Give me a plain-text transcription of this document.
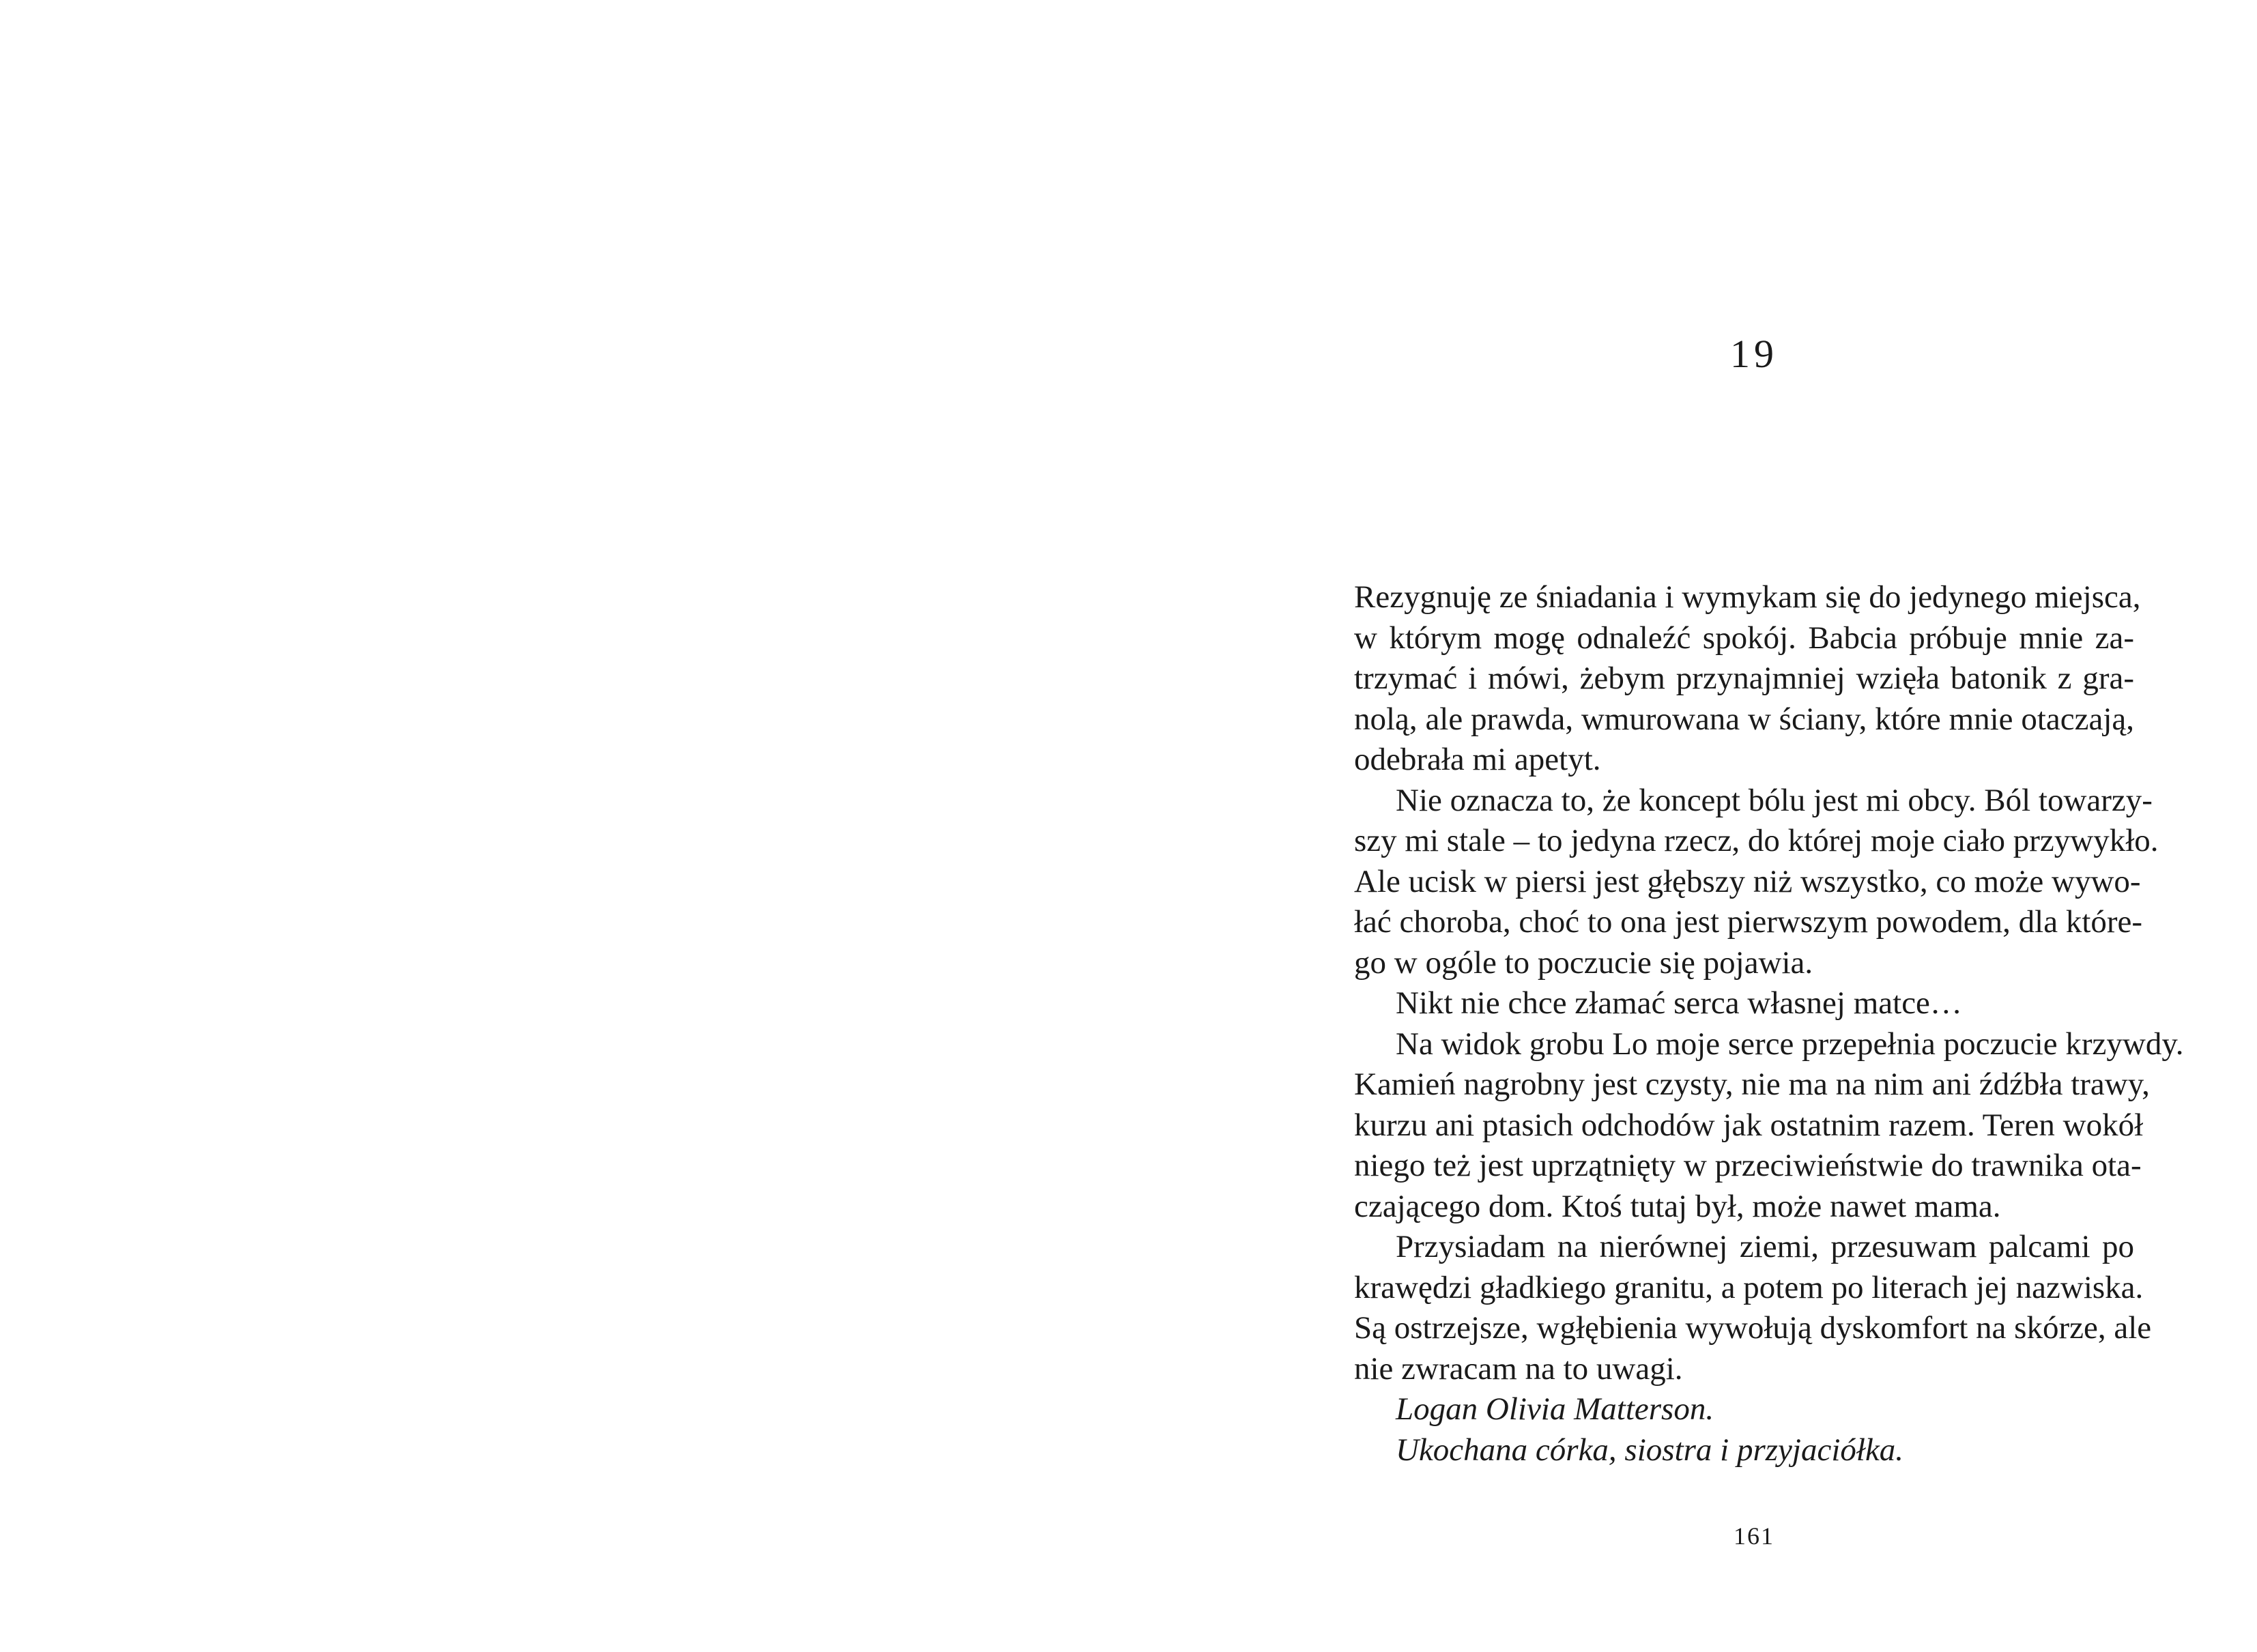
19
Rezygnuję ze śniadania i wymykam się do jedynego miejsca,
w którym mogę odnaleźć spokój. Babcia próbuje mnie za-
trzymać i mówi, żebym przynajmniej wzięła batonik z gra-
nolą, ale prawda, wmurowana w ściany, które mnie otaczają,
odebrała mi apetyt.
Nie oznacza to, że koncept bólu jest mi obcy. Ból towarzy-
szy mi stale – to jedyna rzecz, do której moje ciało przywykło.
Ale ucisk w piersi jest głębszy niż wszystko, co może wywo-
łać choroba, choć to ona jest pierwszym powodem, dla które-
go w ogóle to poczucie się pojawia.
Nikt nie chce złamać serca własnej matce…
Na widok grobu Lo moje serce przepełnia poczucie krzywdy.
Kamień nagrobny jest czysty, nie ma na nim ani źdźbła trawy,
kurzu ani ptasich odchodów jak ostatnim razem. Teren wokół
niego też jest uprzątnięty w przeciwieństwie do trawnika ota-
czającego dom. Ktoś tutaj był, może nawet mama.
Przysiadam na nierównej ziemi, przesuwam palcami po
krawędzi gładkiego granitu, a potem po literach jej nazwiska.
Są ostrzejsze, wgłębienia wywołują dyskomfort na skórze, ale
nie zwracam na to uwagi.
Logan Olivia Matterson.
Ukochana córka, siostra i przyjaciółka.
161
